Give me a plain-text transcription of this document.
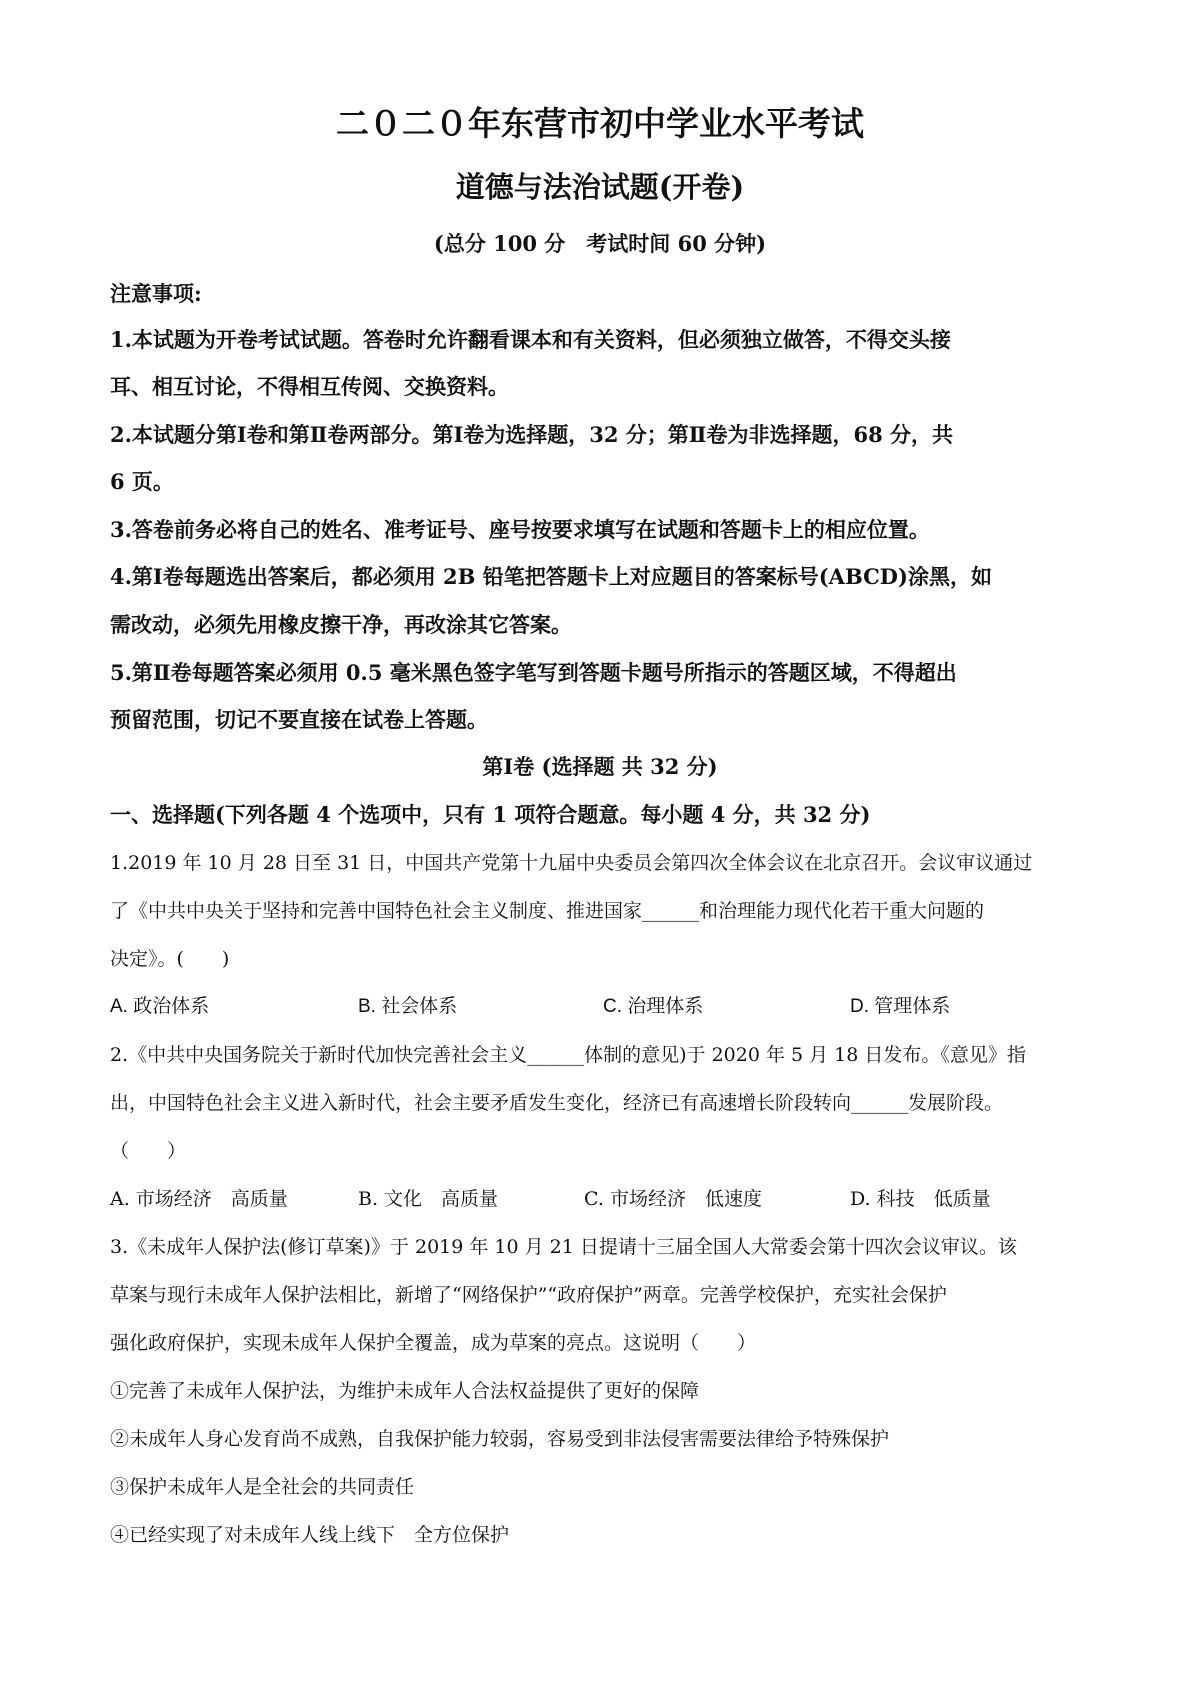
二０二０年东营市初中学业水平考试

道德与法治试题(开卷)

(总分 100 分　考试时间 60 分钟)

注意事项:

1.本试题为开卷考试试题。答卷时允许翻看课本和有关资料，但必须独立做答，不得交头接

耳、相互讨论，不得相互传阅、交换资料。

2.本试题分第Ⅰ卷和第Ⅱ卷两部分。第Ⅰ卷为选择题，32 分；第Ⅱ卷为非选择题，68 分，共

6 页。

3.答卷前务必将自己的姓名、准考证号、座号按要求填写在试题和答题卡上的相应位置。

4.第Ⅰ卷每题选出答案后，都必须用 2B 铅笔把答题卡上对应题目的答案标号(ABCD)涂黑，如

需改动，必须先用橡皮擦干净，再改涂其它答案。

5.第Ⅱ卷每题答案必须用 0.5 毫米黑色签字笔写到答题卡题号所指示的答题区域，不得超出

预留范围，切记不要直接在试卷上答题。

第Ⅰ卷 (选择题 共 32 分)

一、选择题(下列各题 4 个选项中，只有 1 项符合题意。每小题 4 分，共 32 分)

1.2019 年 10 月 28 日至 31 日，中国共产党第十九届中央委员会第四次全体会议在北京召开。会议审议通过

了《中共中央关于坚持和完善中国特色社会主义制度、推进国家______和治理能力现代化若干重大问题的

决定》。(　　)

A. 政治体系	B. 社会体系	C. 治理体系	D. 管理体系

2.《中共中央国务院关于新时代加快完善社会主义______体制的意见)于 2020 年 5 月 18 日发布。《意见》指

出，中国特色社会主义进入新时代，社会主要矛盾发生变化，经济已有高速增长阶段转向______发展阶段。

（　　）

A. 市场经济　高质量	B. 文化　高质量	C. 市场经济　低速度	D. 科技　低质量

3.《未成年人保护法(修订草案)》于 2019 年 10 月 21 日提请十三届全国人大常委会第十四次会议审议。该

草案与现行未成年人保护法相比，新增了“网络保护”“政府保护”两章。完善学校保护，充实社会保护

强化政府保护，实现未成年人保护全覆盖，成为草案的亮点。这说明（　　）

①完善了未成年人保护法，为维护未成年人合法权益提供了更好的保障

②未成年人身心发育尚不成熟，自我保护能力较弱，容易受到非法侵害需要法律给予特殊保护

③保护未成年人是全社会的共同责任

④已经实现了对未成年人线上线下　全方位保护
